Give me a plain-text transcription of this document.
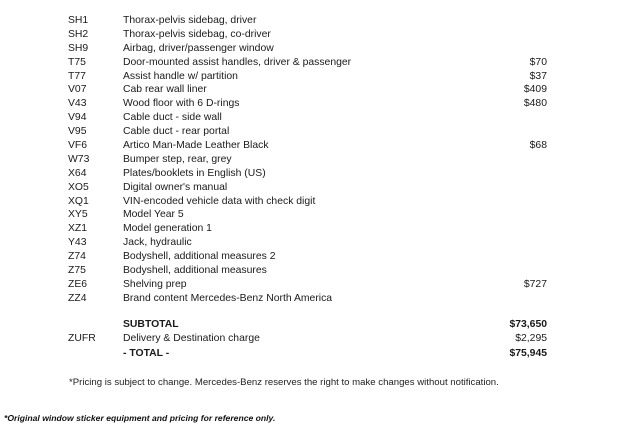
SH1	Thorax-pelvis sidebag, driver
SH2	Thorax-pelvis sidebag, co-driver
SH9	Airbag, driver/passenger window
T75	Door-mounted assist handles, driver & passenger	$70
T77	Assist handle w/ partition	$37
V07	Cab rear wall liner	$409
V43	Wood floor with 6 D-rings	$480
V94	Cable duct - side wall
V95	Cable duct - rear portal
VF6	Artico Man-Made Leather Black	$68
W73	Bumper step, rear, grey
X64	Plates/booklets in English (US)
XO5	Digital owner's manual
XQ1	VIN-encoded vehicle data with check digit
XY5	Model Year 5
XZ1	Model generation 1
Y43	Jack, hydraulic
Z74	Bodyshell, additional measures 2
Z75	Bodyshell, additional measures
ZE6	Shelving prep	$727
ZZ4	Brand content Mercedes-Benz North America
SUBTOTAL	$73,650
ZUFR	Delivery & Destination charge	$2,295
- TOTAL -	$75,945
*Pricing is subject to change. Mercedes-Benz reserves the right to make changes without notification.
*Original window sticker equipment and pricing for reference only.
